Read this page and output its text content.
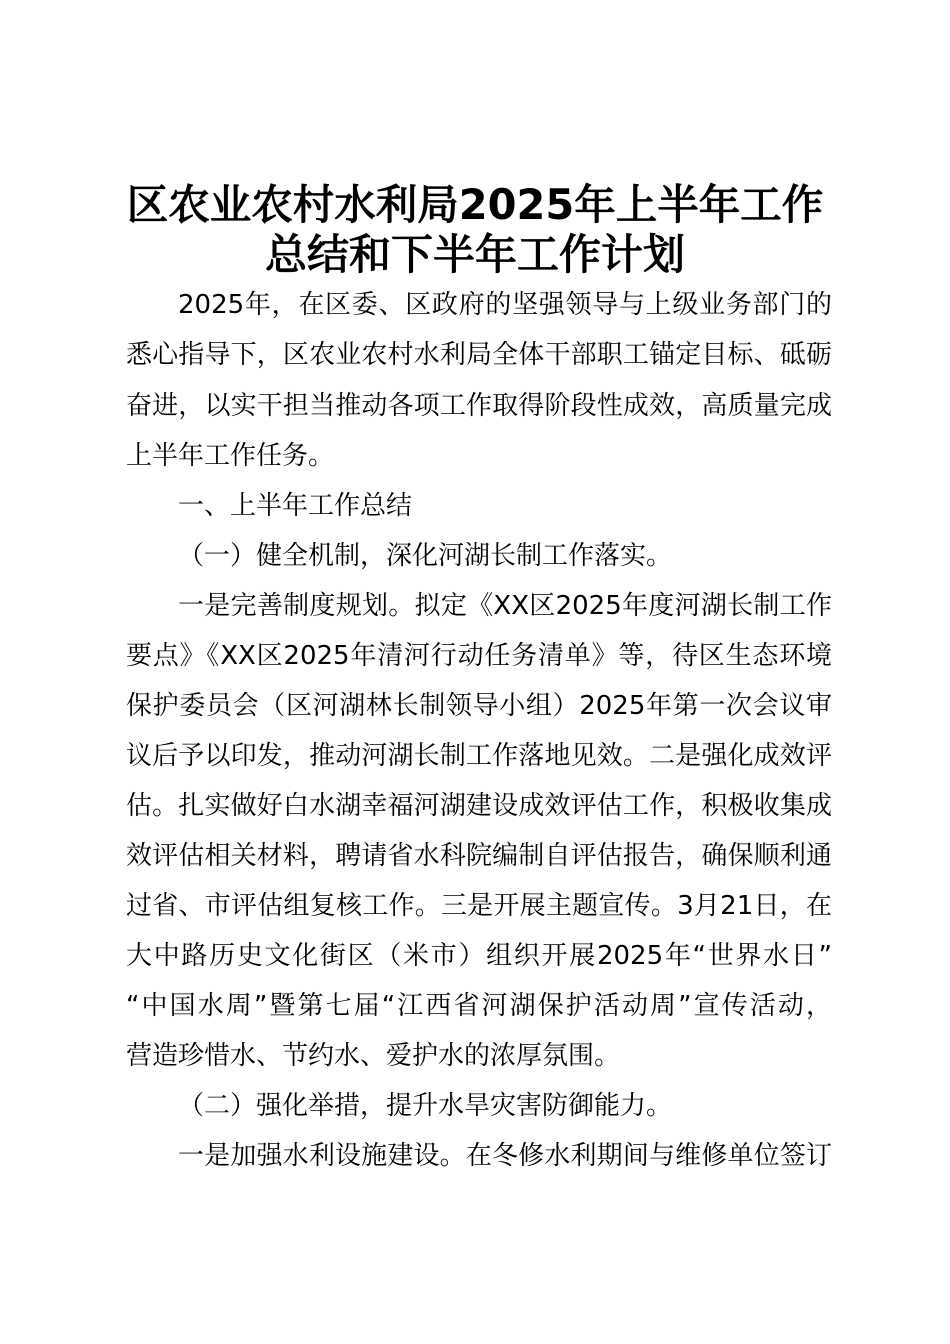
区农业农村水利局2025年上半年工作
总结和下半年工作计划
2025年，在区委、区政府的坚强领导与上级业务部门的
悉心指导下，区农业农村水利局全体干部职工锚定目标、砥砺
奋进，以实干担当推动各项工作取得阶段性成效，高质量完成
上半年工作任务。
一、上半年工作总结
（一）健全机制，深化河湖长制工作落实。
一是完善制度规划。拟定《XX区2025年度河湖长制工作
要点》《XX区2025年清河行动任务清单》等，待区生态环境
保护委员会（区河湖林长制领导小组）2025年第一次会议审
议后予以印发，推动河湖长制工作落地见效。二是强化成效评
估。扎实做好白水湖幸福河湖建设成效评估工作，积极收集成
效评估相关材料，聘请省水科院编制自评估报告，确保顺利通
过省、市评估组复核工作。三是开展主题宣传。3月21日，在
大中路历史文化街区（米市）组织开展2025年“世界水日”
“中国水周”暨第七届“江西省河湖保护活动周”宣传活动，
营造珍惜水、节约水、爱护水的浓厚氛围。
（二）强化举措，提升水旱灾害防御能力。
一是加强水利设施建设。在冬修水利期间与维修单位签订
